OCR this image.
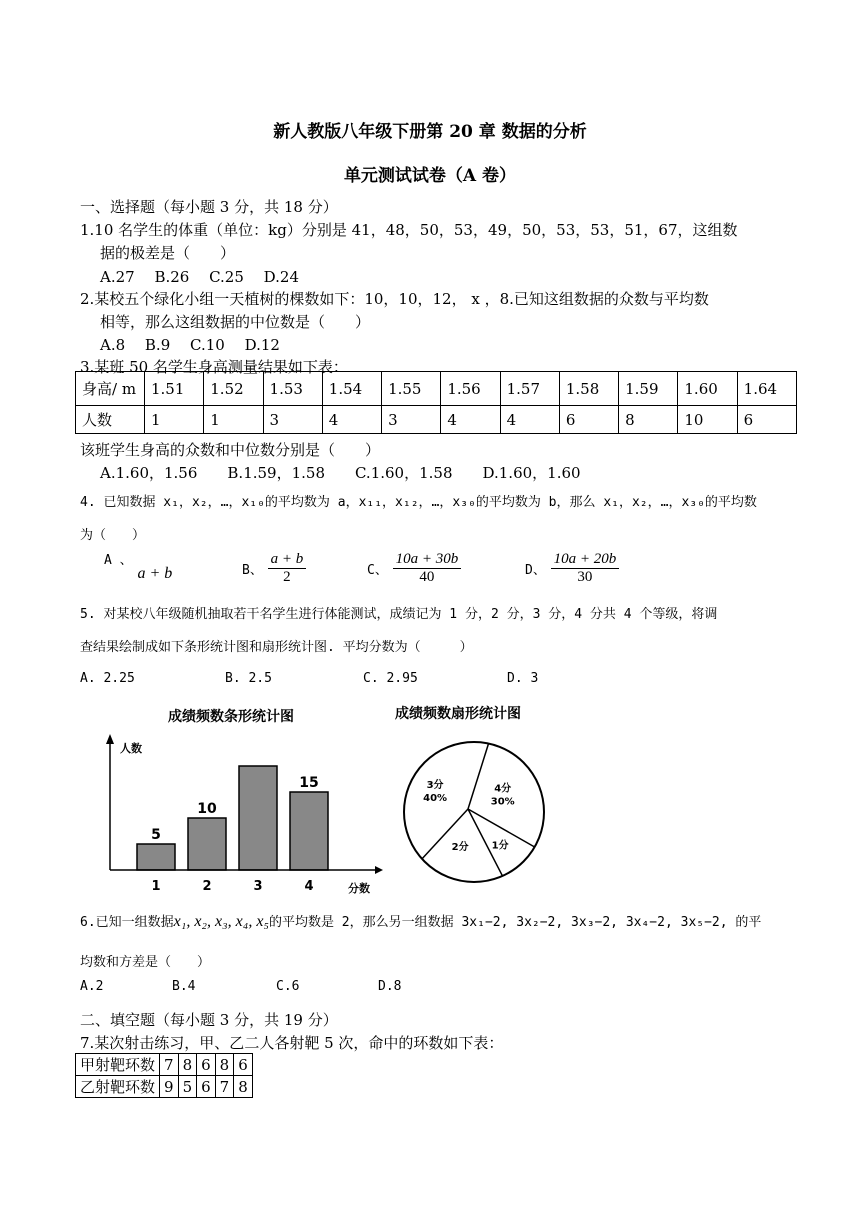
新人教版八年级下册第 20 章 数据的分析
单元测试试卷（A 卷）
一、选择题（每小题 3 分，共 18 分）
1.10 名学生的体重（单位：kg）分别是 41，48，50，53，49，50，53，53，51，67，这组数
据的极差是（　　）
A.27　 B.26　 C.25　 D.24
2.某校五个绿化小组一天植树的棵数如下：10，10，12， x ，8.已知这组数据的众数与平均数
相等，那么这组数据的中位数是（　　）
A.8　 B.9　 C.10　 D.12
3.某班 50 名学生身高测量结果如下表：
身高/ m	1.51	1.52	1.53	1.54	1.55	1.56	1.57	1.58	1.59	1.60	1.64
人数	1	1	3	4	3	4	4	6	8	10	6
该班学生身高的众数和中位数分别是（　　）
A.1.60，1.56　　B.1.59，1.58　　C.1.60，1.58　　D.1.60，1.60
4. 已知数据 x₁，x₂，…，x₁₀的平均数为 a，x₁₁，x₁₂，…，x₃₀的平均数为 b，那么 x₁，x₂，…，x₃₀的平均数
为（　　）
A 、 a + b	B、 $\frac{a + b}{2}$	C、 $\frac{10a + 30b}{40}$	D、 $\frac{10a + 20b}{30}$
5. 对某校八年级随机抽取若干名学生进行体能测试，成绩记为 1 分，2 分，3 分，4 分共 4 个等级，将调
查结果绘制成如下条形统计图和扇形统计图. 平均分数为（　　　）
A. 2.25	B. 2.5	C. 2.95	D. 3
成绩频数条形统计图
5
1
10
2	3
15
4
人数
分数
成绩频数扇形统计图
4分
30%
1分
2分
3分
40%
6.已知一组数据x₁, x₂, x₃, x₄, x₅的平均数是 2，那么另一组数据 3x₁−2, 3x₂−2, 3x₃−2, 3x₄−2, 3x₅−2, 的平
均数和方差是（　　）
A.2	B.4	C.6	D.8
二、填空题（每小题 3 分，共 19 分）
7.某次射击练习，甲、乙二人各射靶 5 次，命中的环数如下表：
甲射靶环数	7	8	6	8	6
乙射靶环数	9	5	6	7	8
